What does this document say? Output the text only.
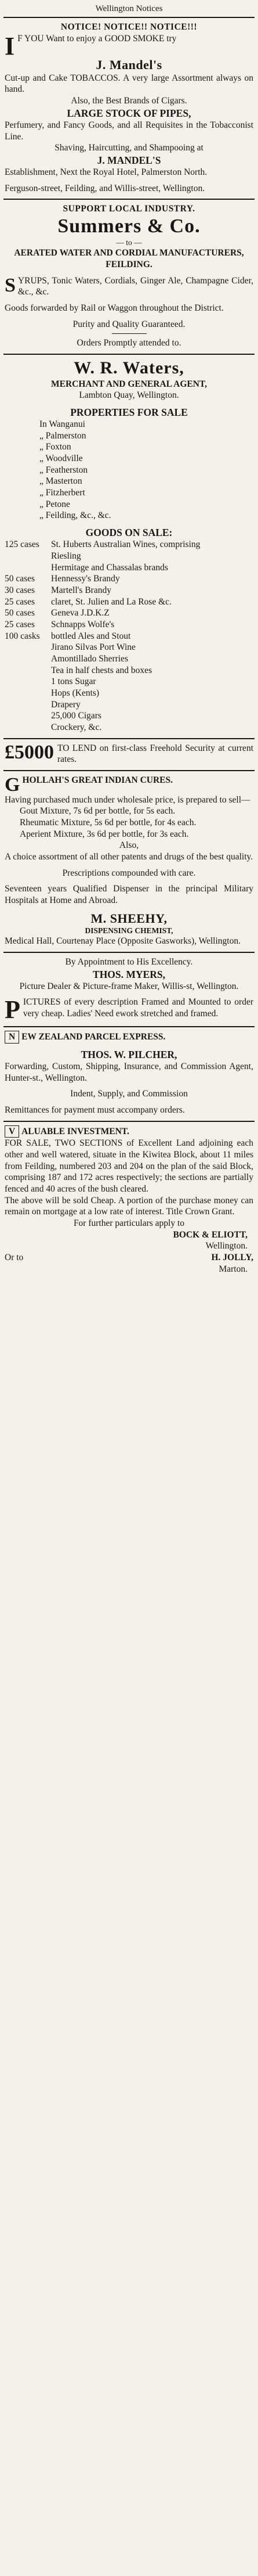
Wellington Notices
NOTICE! NOTICE!! NOTICE!!!
I F YOU Want to enjoy a GOOD SMOKE try
J. Mandel's
Cut-up and Cake TOBACCOS. A very large Assortment always on hand.
Also, the Best Brands of Cigars.
LARGE STOCK OF PIPES,
Perfumery, and Fancy Goods, and all Requisites in the Tobacconist Line.
Shaving, Haircutting, and Shampooing at
J. MANDEL'S
Establishment, Next the Royal Hotel, Palmerston North.
Ferguson-street, Feilding, and Willis-street, Wellington.
SUPPORT LOCAL INDUSTRY.
Summers & Co.
— to —
AERATED WATER AND CORDIAL MANUFACTURERS, FEILDING.
S YRUPS, Tonic Waters, Cordials, Ginger Ale, Champagne Cider, &c., &c.
Goods forwarded by Rail or Waggon throughout the District.
Purity and Quality Guaranteed.
Orders Promptly attended to.
W. R. Waters,
MERCHANT AND GENERAL AGENT,
Lambton Quay, Wellington.
PROPERTIES FOR SALE
In Wanganui
„ Palmerston
„ Foxton
„ Woodville
„ Featherston
„ Masterton
„ Fitzherbert
„ Petone
„ Feilding, &c., &c.
GOODS ON SALE:
125 cases	St. Huberts Australian Wines, comprising
Riesling
Hermitage and Chassalas brands
50 cases	Hennessy's Brandy
30 cases	Martell's Brandy
25 cases	claret, St. Julien and La Rose &c.
50 cases	Geneva J.D.K.Z
25 cases	Schnapps Wolfe's
100 casks	bottled Ales and Stout
Jirano Silvas Port Wine
Amontillado Sherries
Tea in half chests and boxes
1 tons Sugar
Hops (Kents)
Drapery
25,000 Cigars
Crockery, &c.
£5000 TO LEND on first-class Freehold Security at current rates.
G HOLLAH'S GREAT INDIAN CURES.
Having purchased much under wholesale price, is prepared to sell—
Gout Mixture, 7s 6d per bottle, for 5s each.
Rheumatic Mixture, 5s 6d per bottle, for 4s each.
Aperient Mixture, 3s 6d per bottle, for 3s each.
Also,
A choice assortment of all other patents and drugs of the best quality.
Prescriptions compounded with care.
Seventeen years Qualified Dispenser in the principal Military Hospitals at Home and Abroad.
M. SHEEHY,
DISPENSING CHEMIST,
Medical Hall, Courtenay Place (Opposite Gasworks), Wellington.
By Appointment to His Excellency.
THOS. MYERS,
Picture Dealer & Picture-frame Maker, Willis-st, Wellington.
P ICTURES of every description Framed and Mounted to order very cheap. Ladies' Need ework stretched and framed.
N EW ZEALAND PARCEL EXPRESS.
THOS. W. PILCHER,
Forwarding, Custom, Shipping, Insurance, and Commission Agent, Hunter-st., Wellington.
Indent, Supply, and Commission
Remittances for payment must accompany orders.
V ALUABLE INVESTMENT.
FOR SALE, TWO SECTIONS of Excellent Land adjoining each other and well watered, situate in the Kiwitea Block, about 11 miles from Feilding, numbered 203 and 204 on the plan of the said Block, comprising 187 and 172 acres respectively; the sections are partially fenced and 40 acres of the bush cleared.
The above will be sold Cheap. A portion of the purchase money can remain on mortgage at a low rate of interest. Title Crown Grant.
For further particulars apply to
BOCK & ELIOTT,
Wellington.
Or to	H. JOLLY,
Marton.
